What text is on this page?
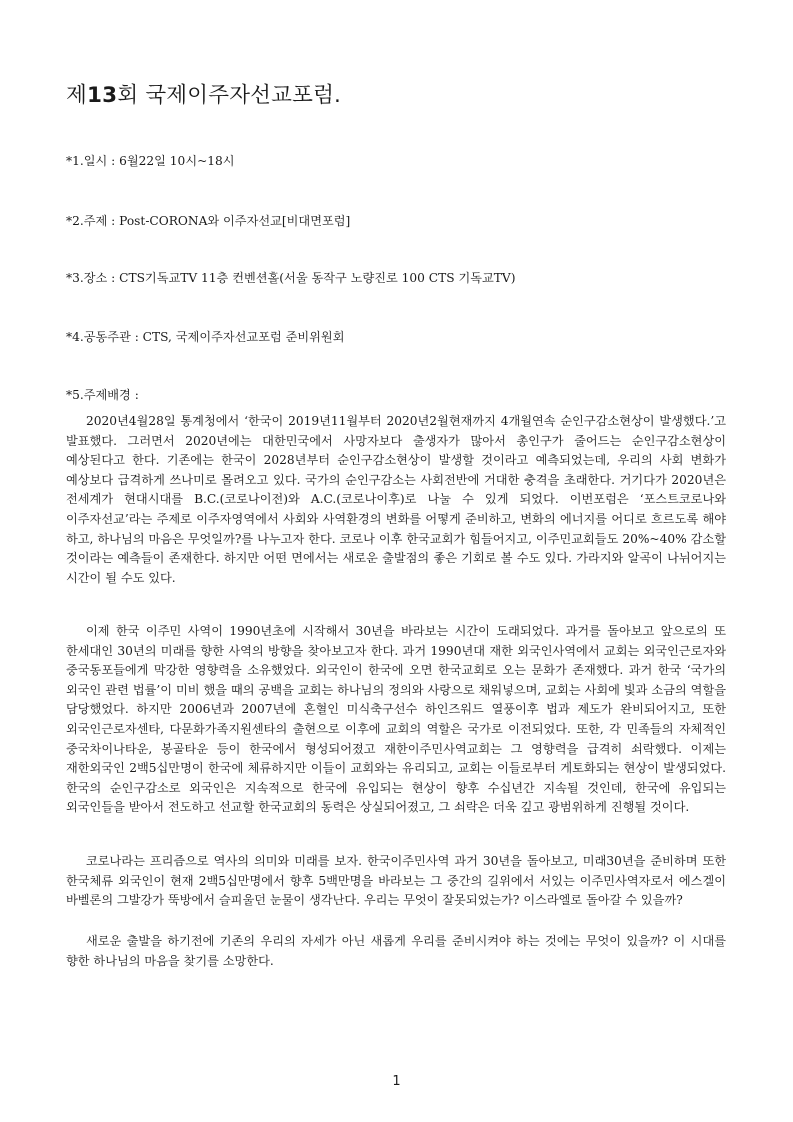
제13회 국제이주자선교포럼.

*1.일시 : 6월22일 10시~18시

*2.주제 : Post-CORONA와 이주자선교[비대면포럼]

*3.장소 : CTS기독교TV 11층 컨벤션홀(서울 동작구 노량진로 100 CTS 기독교TV)

*4.공동주관 : CTS, 국제이주자선교포럼 준비위원회

*5.주제배경 :

2020년4월28일 통계청에서 ‘한국이 2019년11월부터 2020년2월현재까지 4개월연속 순인구감소현상이 발생했다.’고 발표했다. 그러면서 2020년에는 대한민국에서 사망자보다 출생자가 많아서 총인구가 줄어드는 순인구감소현상이 예상된다고 한다. 기존에는 한국이 2028년부터 순인구감소현상이 발생할 것이라고 예측되었는데, 우리의 사회 변화가 예상보다 급격하게 쓰나미로 몰려오고 있다. 국가의 순인구감소는 사회전반에 거대한 충격을 초래한다. 거기다가 2020년은 전세계가 현대시대를 B.C.(코로나이전)와 A.C.(코로나이후)로 나눌 수 있게 되었다. 이번포럼은 ‘포스트코로나와 이주자선교’라는 주제로 이주자영역에서 사회와 사역환경의 변화를 어떻게 준비하고, 변화의 에너지를 어디로 흐르도록 해야 하고, 하나님의 마음은 무엇일까?를 나누고자 한다. 코로나 이후 한국교회가 힘들어지고, 이주민교회들도 20%~40% 감소할 것이라는 예측들이 존재한다. 하지만 어떤 면에서는 새로운 출발점의 좋은 기회로 볼 수도 있다. 가라지와 알곡이 나뉘어지는 시간이 될 수도 있다.

이제 한국 이주민 사역이 1990년초에 시작해서 30년을 바라보는 시간이 도래되었다. 과거를 돌아보고 앞으로의 또 한세대인 30년의 미래를 향한 사역의 방향을 찾아보고자 한다. 과거 1990년대 재한 외국인사역에서 교회는 외국인근로자와 중국동포들에게 막강한 영향력을 소유했었다. 외국인이 한국에 오면 한국교회로 오는 문화가 존재했다. 과거 한국 ‘국가의 외국인 관련 법률’이 미비 했을 때의 공백을 교회는 하나님의 정의와 사랑으로 채워넣으며, 교회는 사회에 빛과 소금의 역할을 담당했었다. 하지만 2006년과 2007년에 혼혈인 미식축구선수 하인즈워드 열풍이후 법과 제도가 완비되어지고, 또한 외국인근로자센타, 다문화가족지원센타의 출현으로 이후에 교회의 역할은 국가로 이전되었다. 또한, 각 민족들의 자체적인 중국차이나타운, 봉골타운 등이 한국에서 형성되어졌고 재한이주민사역교회는 그 영향력을 급격히 쇠락했다. 이제는 재한외국인 2백5십만명이 한국에 체류하지만 이들이 교회와는 유리되고, 교회는 이들로부터 게토화되는 현상이 발생되었다. 한국의 순인구감소로 외국인은 지속적으로 한국에 유입되는 현상이 향후 수십년간 지속될 것인데, 한국에 유입되는 외국인들을 받아서 전도하고 선교할 한국교회의 동력은 상실되어졌고, 그 쇠락은 더욱 깊고 광범위하게 진행될 것이다.

코로나라는 프리즘으로 역사의 의미와 미래를 보자. 한국이주민사역 과거 30년을 돌아보고, 미래30년을 준비하며 또한 한국체류 외국인이 현재 2백5십만명에서 향후 5백만명을 바라보는 그 중간의 길위에서 서있는 이주민사역자로서 에스겔이 바벨론의 그발강가 뚝방에서 슬피울던 눈물이 생각난다. 우리는 무엇이 잘못되었는가? 이스라엘로 돌아갈 수 있을까?

새로운 출발을 하기전에 기존의 우리의 자세가 아닌 새롭게 우리를 준비시켜야 하는 것에는 무엇이 있을까? 이 시대를 향한 하나님의 마음을 찾기를 소망한다.

1
